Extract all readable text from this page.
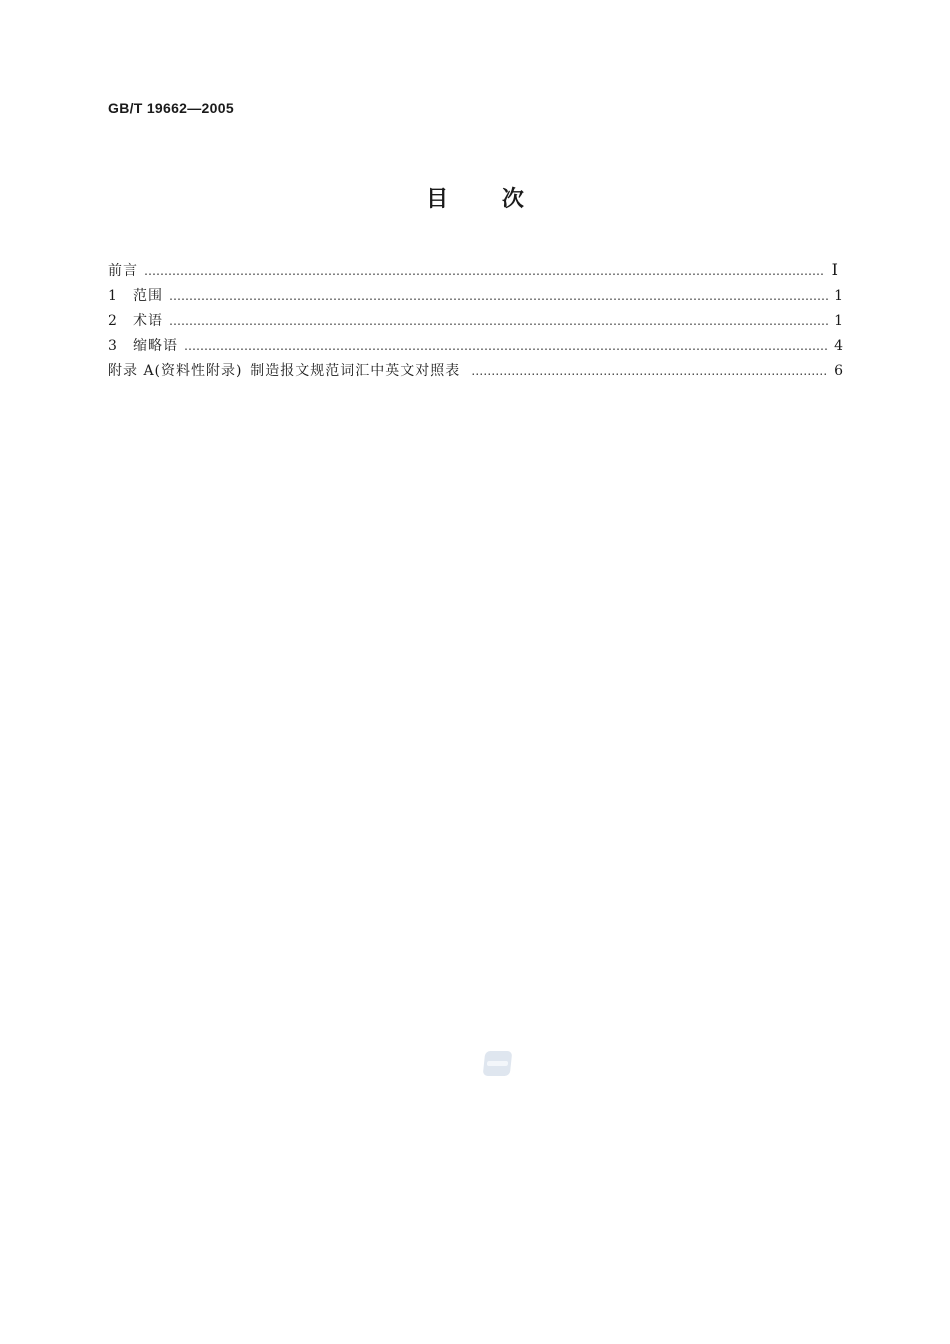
GB/T 19662—2005
目 次
前言 ………………………………………………………………………………………………………………………………………………………………………………………………………………………………	Ⅰ
1	范围 ………………………………………………………………………………………………………………………………………………………………………………………………………………………………	1
2	术语 ………………………………………………………………………………………………………………………………………………………………………………………………………………………………	1
3	缩略语 ………………………………………………………………………………………………………………………………………………………………………………………………………………………………	4
附录 A(资料性附录) 制造报文规范词汇中英文对照表 ………………………………………………………………………………………………………………………………………………………………………………………………………………………………	6
